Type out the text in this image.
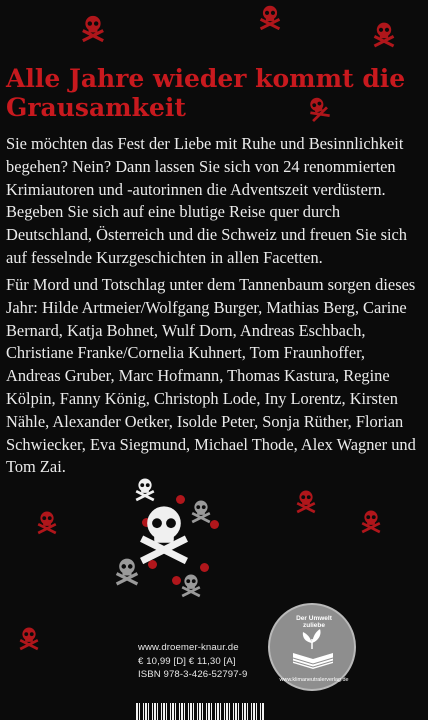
Alle Jahre wieder kommt die Grausamkeit

Sie möchten das Fest der Liebe mit Ruhe und Besinnlichkeit begehen? Nein? Dann lassen Sie sich von 24 renommierten Krimiautoren und -autorinnen die Adventszeit verdüstern. Begeben Sie sich auf eine blutige Reise quer durch Deutschland, Österreich und die Schweiz und freuen Sie sich auf fesselnde Kurzgeschichten in allen Facetten.

Für Mord und Totschlag unter dem Tannenbaum sorgen dieses Jahr: Hilde Artmeier/Wolfgang Burger, Mathias Berg, Carine Bernard, Katja Bohnet, Wulf Dorn, Andreas Eschbach, Christiane Franke/Cornelia Kuhnert, Tom Fraunhoffer, Andreas Gruber, Marc Hofmann, Thomas Kastura, Regine Kölpin, Fanny König, Christoph Lode, Iny Lorentz, Kirsten Nähle, Alexander Oetker, Isolde Peter, Sonja Rüther, Florian Schwiecker, Eva Siegmund, Michael Thode, Alex Wagner und Tom Zai.

www.droemer-knaur.de
€ 10,99 [D] € 11,30 [A]
ISBN 978-3-426-52797-9
Der Umwelt zuliebe
www.klimaneutralerverlag.de
